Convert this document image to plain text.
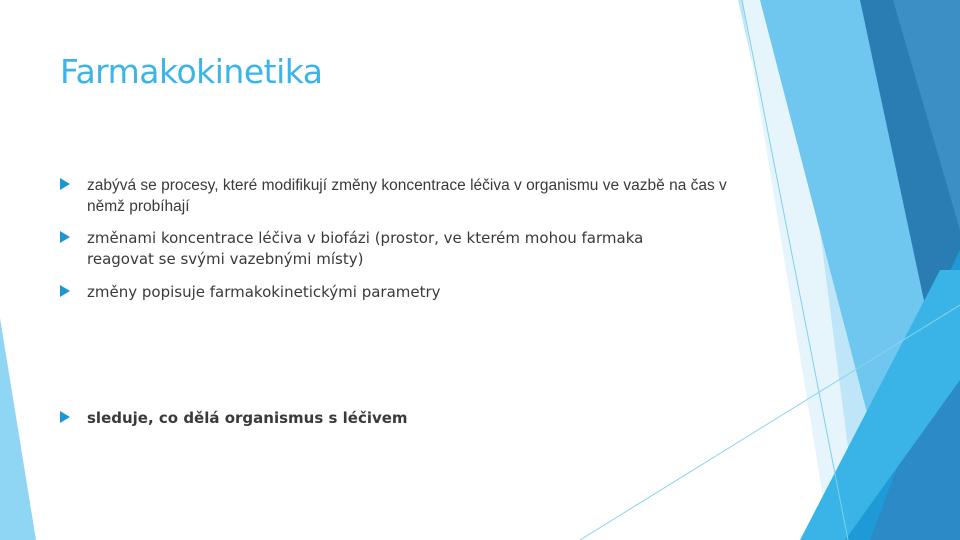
Farmakokinetika
zabývá se procesy, které modifikují změny koncentrace léčiva v organismu ve vazbě na čas v němž probíhají
změnami koncentrace léčiva v biofázi (prostor, ve kterém mohou farmaka reagovat se svými vazebnými místy)
změny popisuje farmakokinetickými parametry
sleduje, co dělá organismus s léčivem
